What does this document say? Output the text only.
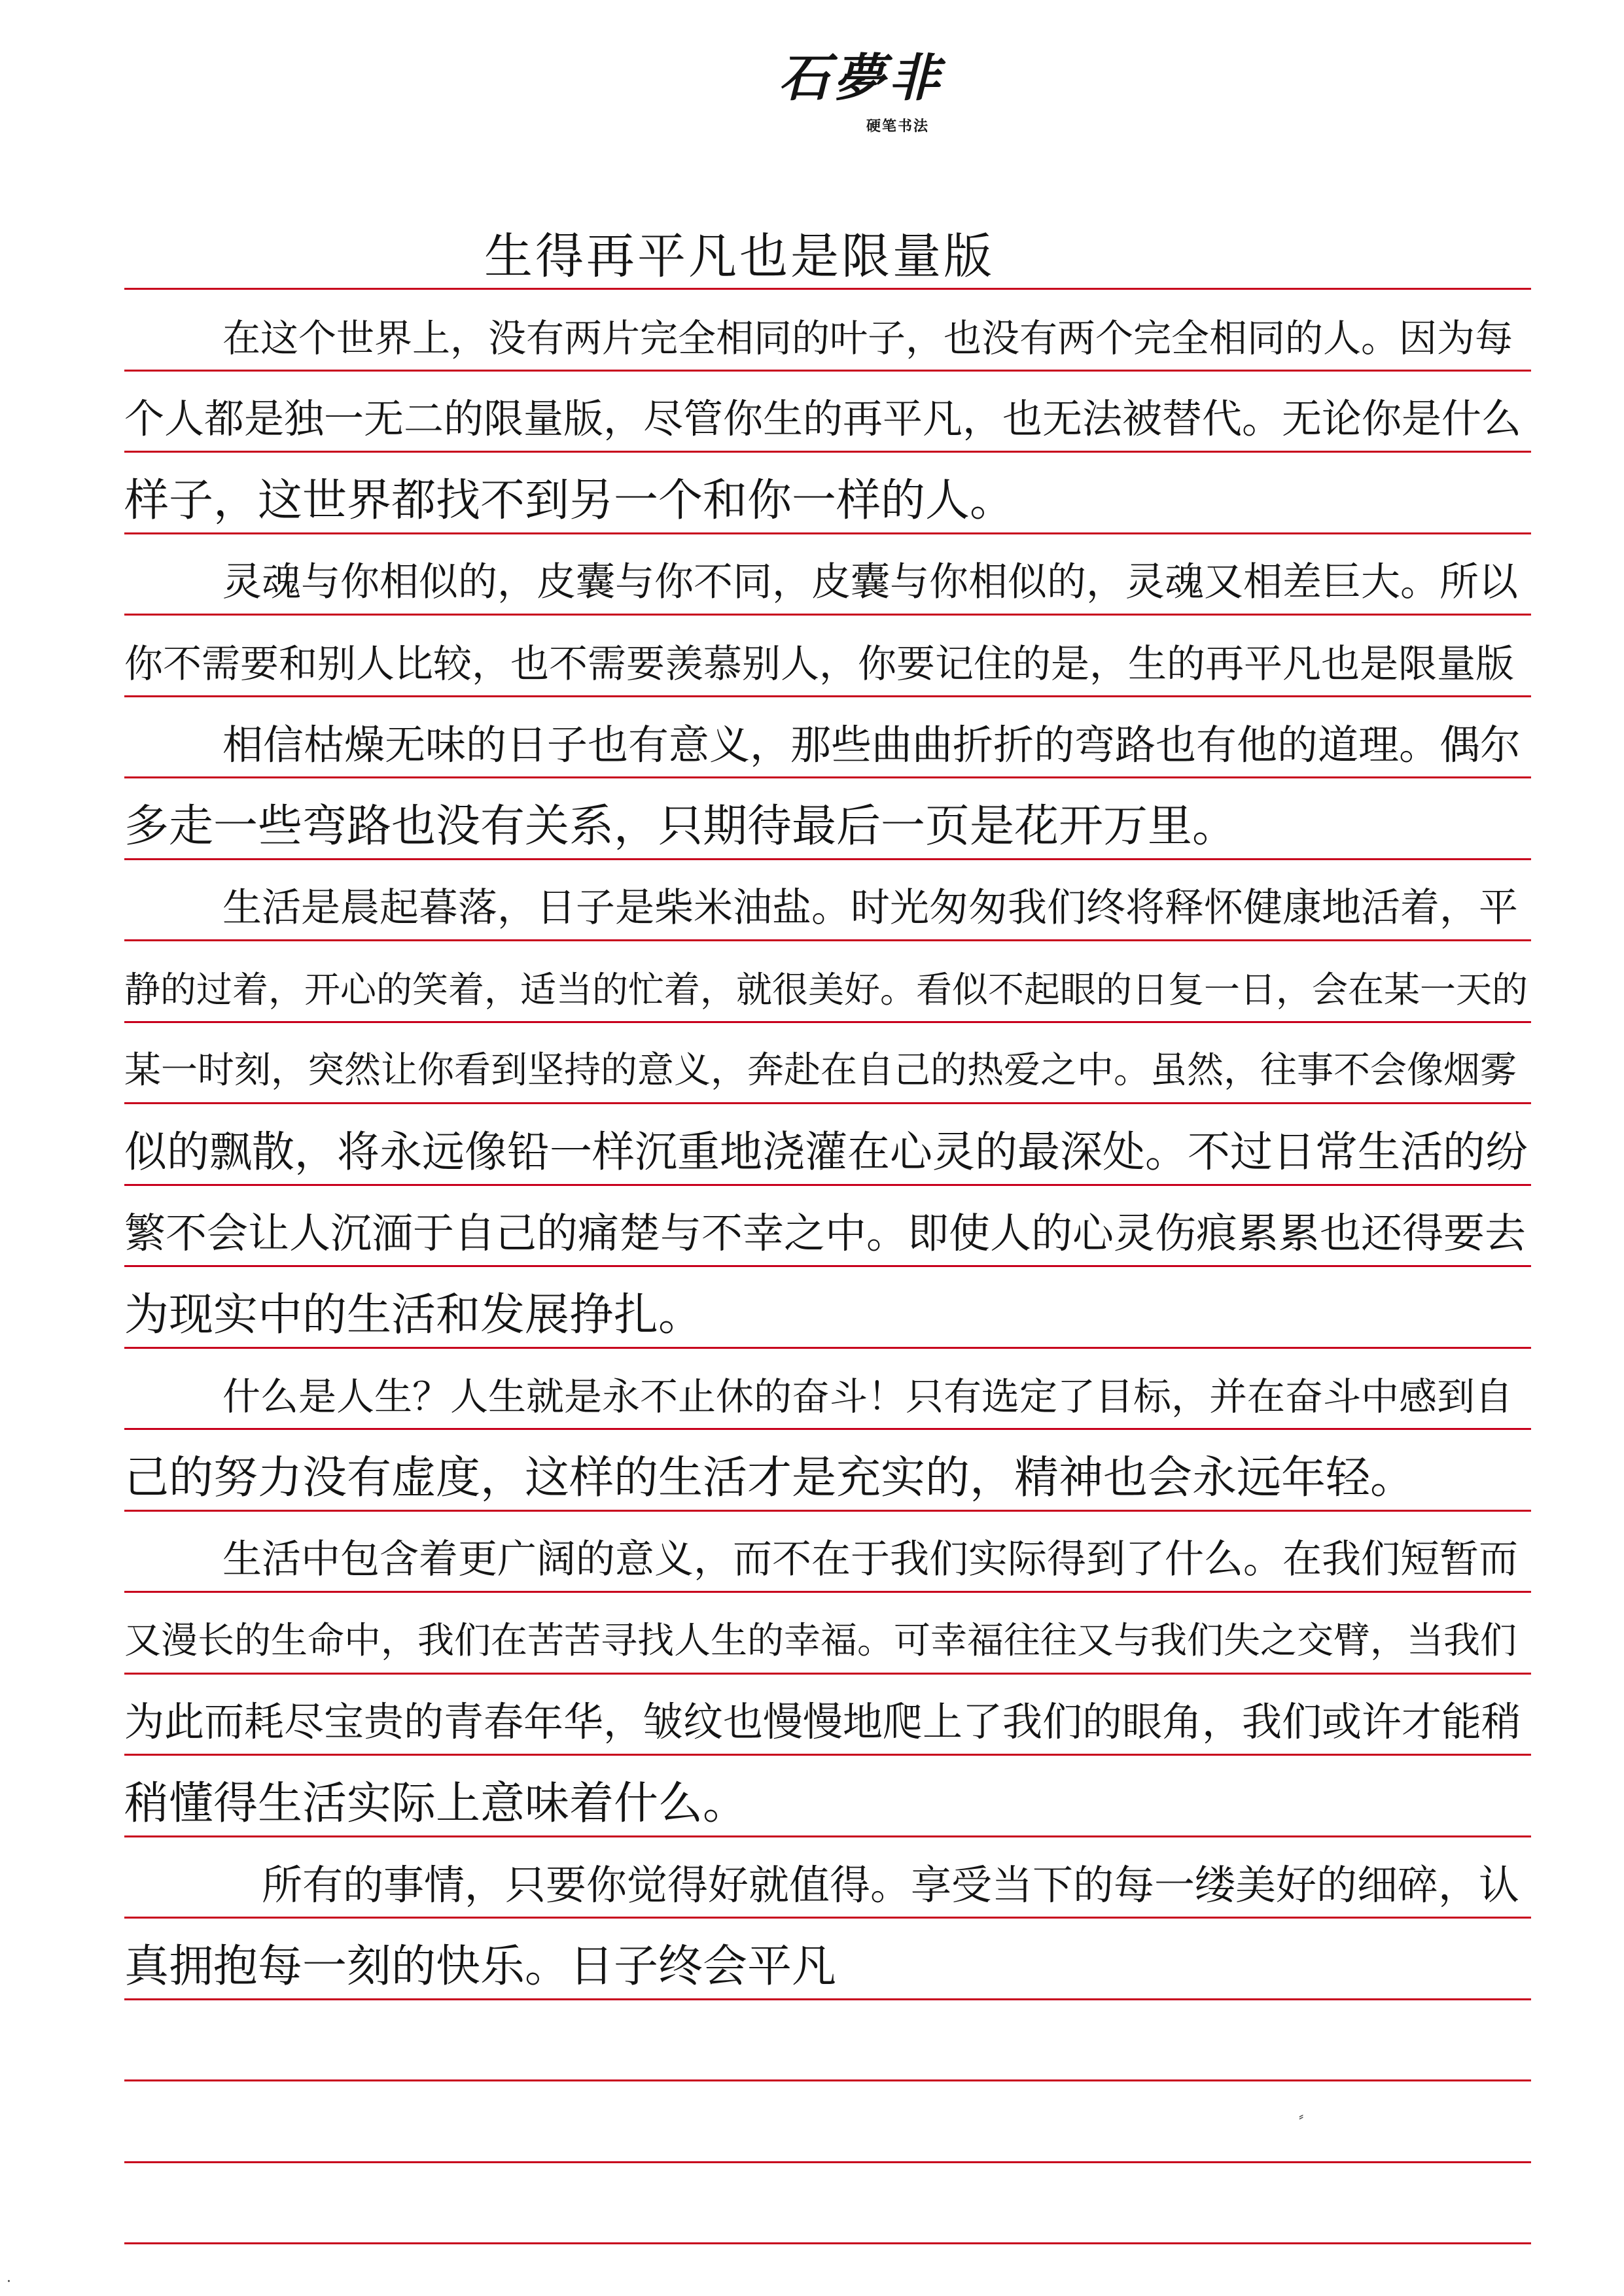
石夢非
硬笔书法
生得再平凡也是限量版
在这个世界上，没有两片完全相同的叶子，也没有两个完全相同的人。因为每
个人都是独一无二的限量版，尽管你生的再平凡，也无法被替代。无论你是什么
样子，这世界都找不到另一个和你一样的人。
灵魂与你相似的，皮囊与你不同，皮囊与你相似的，灵魂又相差巨大。所以
你不需要和别人比较，也不需要羡慕别人，你要记住的是，生的再平凡也是限量版
相信枯燥无味的日子也有意义，那些曲曲折折的弯路也有他的道理。偶尔
多走一些弯路也没有关系，只期待最后一页是花开万里。
生活是晨起暮落，日子是柴米油盐。时光匆匆我们终将释怀健康地活着，平
静的过着，开心的笑着，适当的忙着，就很美好。看似不起眼的日复一日，会在某一天的
某一时刻，突然让你看到坚持的意义，奔赴在自己的热爱之中。虽然，往事不会像烟雾
似的飘散，将永远像铅一样沉重地浇灌在心灵的最深处。不过日常生活的纷
繁不会让人沉湎于自己的痛楚与不幸之中。即使人的心灵伤痕累累也还得要去
为现实中的生活和发展挣扎。
什么是人生？人生就是永不止休的奋斗！只有选定了目标，并在奋斗中感到自
己的努力没有虚度，这样的生活才是充实的，精神也会永远年轻。
生活中包含着更广阔的意义，而不在于我们实际得到了什么。在我们短暂而
又漫长的生命中，我们在苦苦寻找人生的幸福。可幸福往往又与我们失之交臂，当我们
为此而耗尽宝贵的青春年华，皱纹也慢慢地爬上了我们的眼角，我们或许才能稍
稍懂得生活实际上意味着什么。
所有的事情，只要你觉得好就值得。享受当下的每一缕美好的细碎，认
真拥抱每一刻的快乐。日子终会平凡
⸗
·
